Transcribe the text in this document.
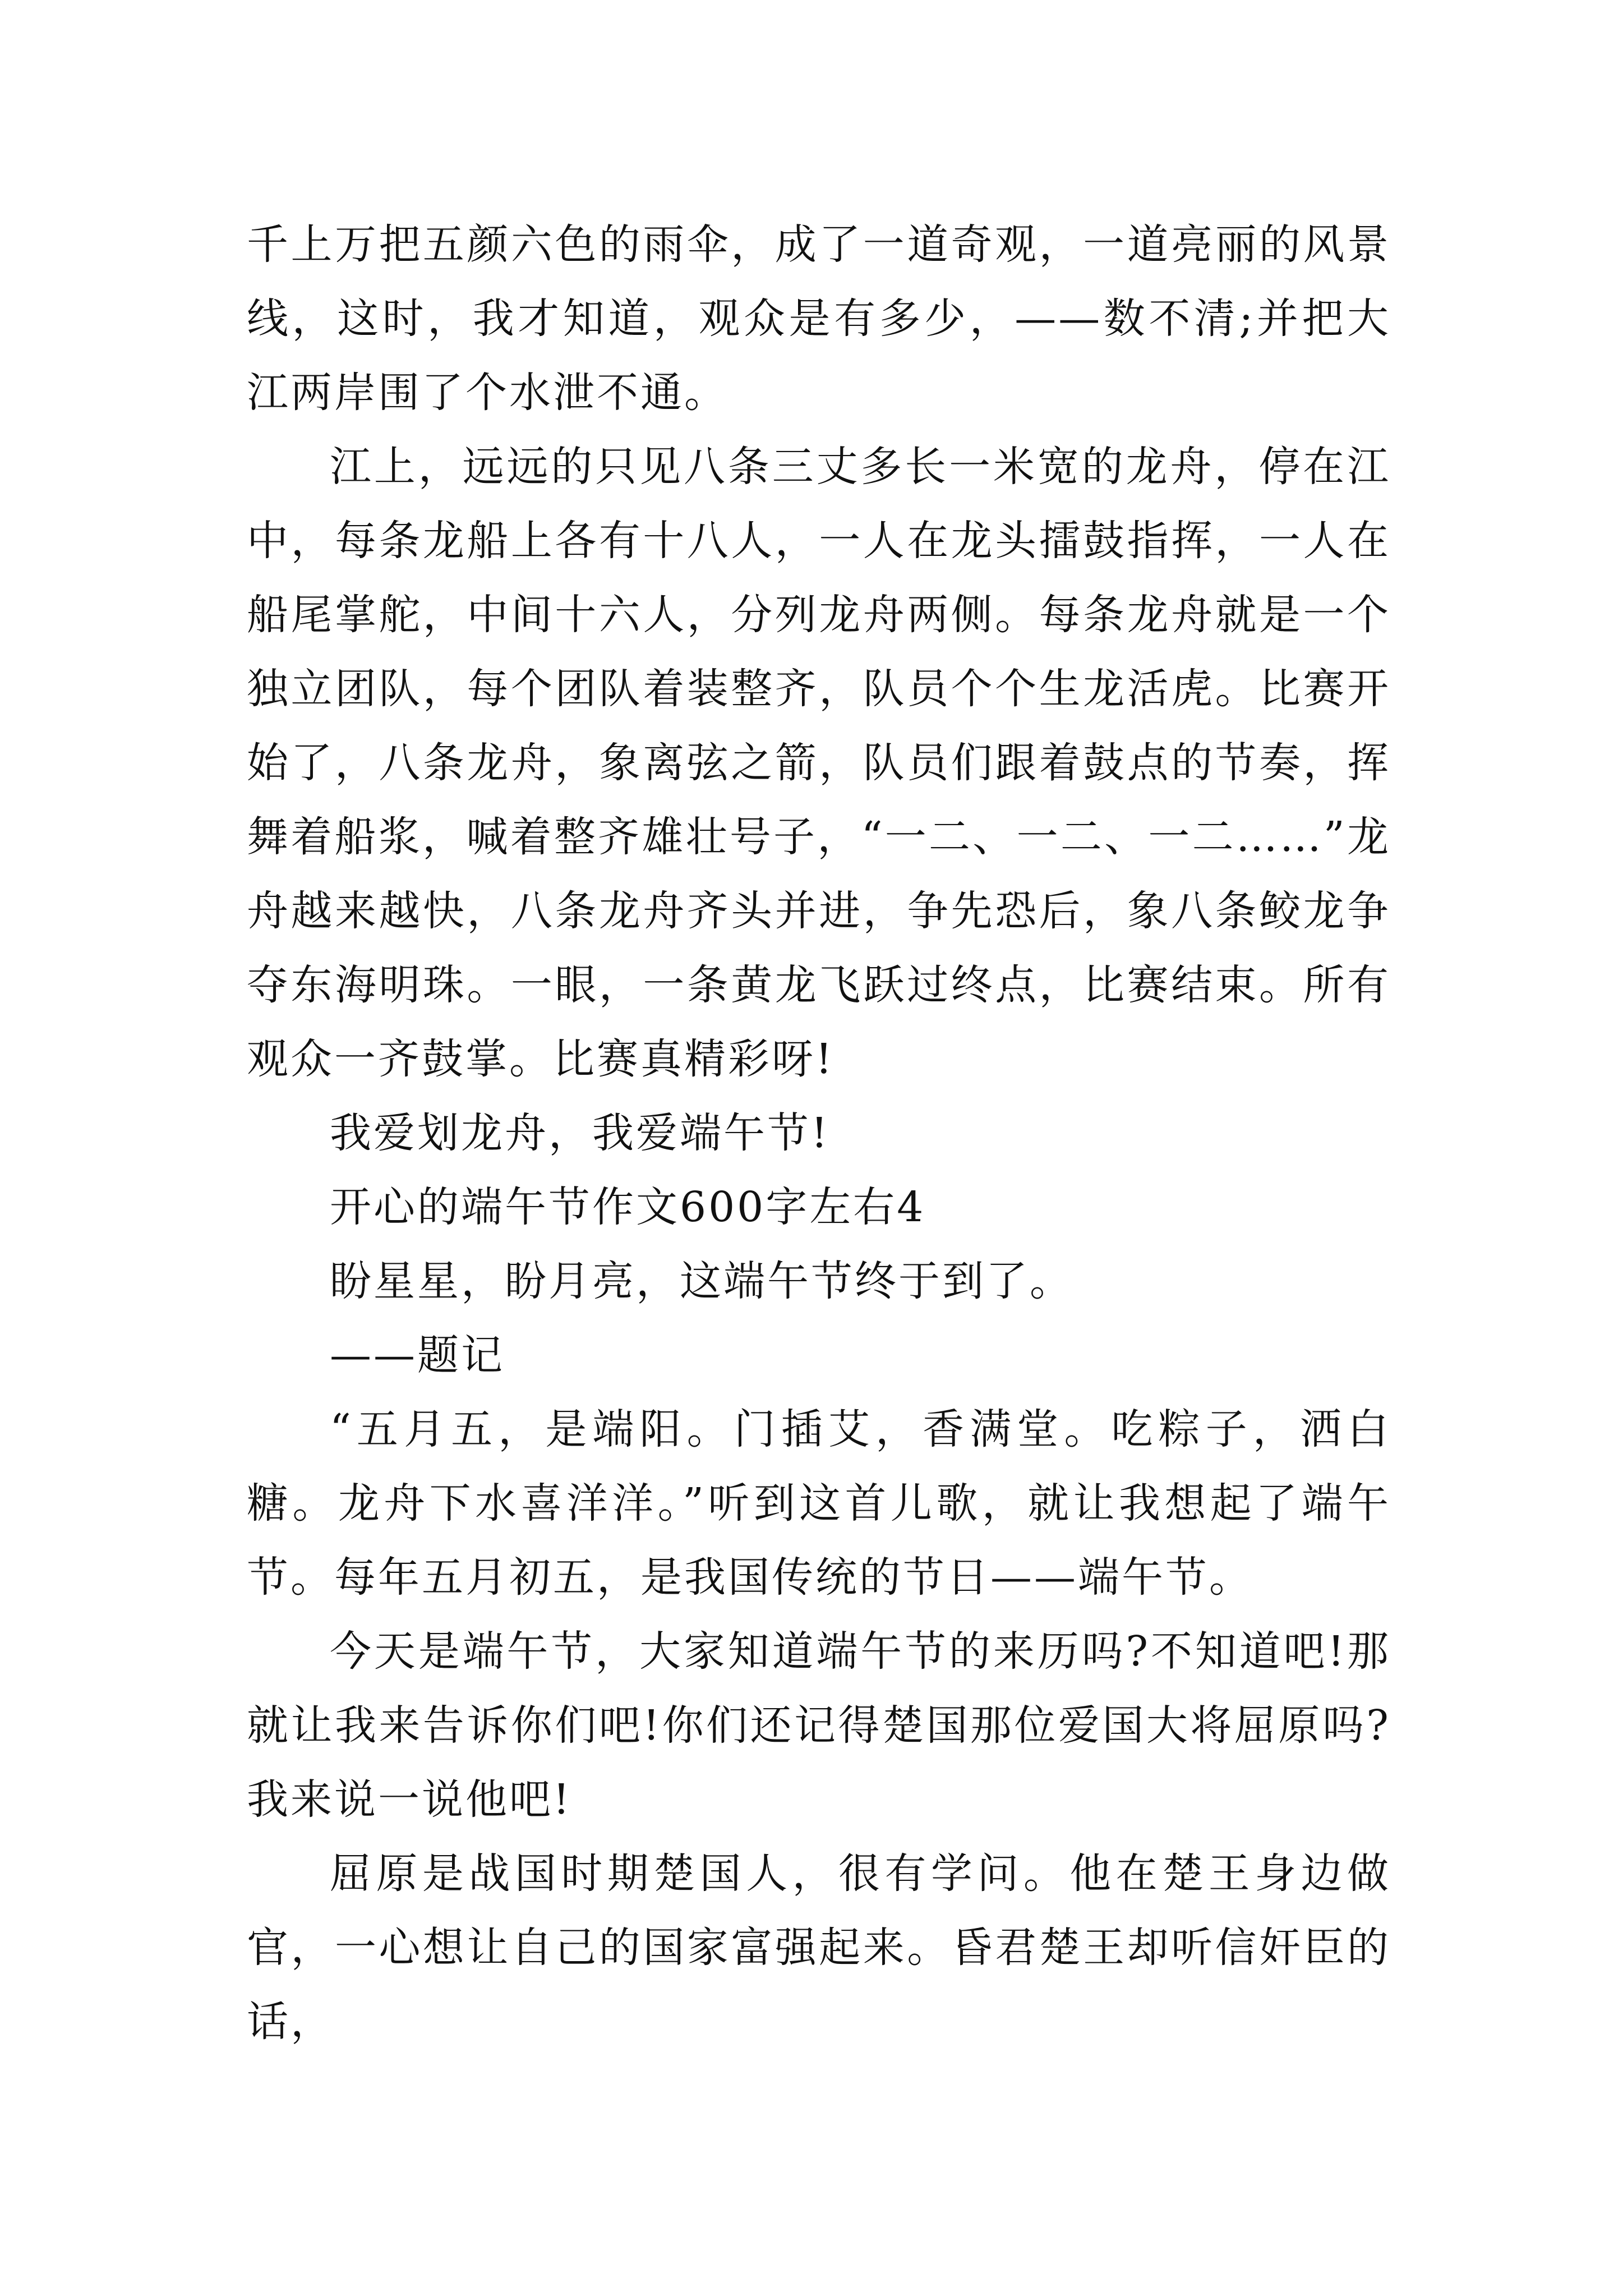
千上万把五颜六色的雨伞，成了一道奇观，一道亮丽的风景线，这时，我才知道，观众是有多少，——数不清;并把大江两岸围了个水泄不通。

江上，远远的只见八条三丈多长一米宽的龙舟，停在江中，每条龙船上各有十八人，一人在龙头擂鼓指挥，一人在船尾掌舵，中间十六人，分列龙舟两侧。每条龙舟就是一个独立团队，每个团队着装整齐，队员个个生龙活虎。比赛开始了，八条龙舟，象离弦之箭，队员们跟着鼓点的节奏，挥舞着船浆，喊着整齐雄壮号子，“一二、一二、一二……”龙舟越来越快，八条龙舟齐头并进，争先恐后，象八条鲛龙争夺东海明珠。一眼，一条黄龙飞跃过终点，比赛结束。所有观众一齐鼓掌。比赛真精彩呀!

我爱划龙舟，我爱端午节!

开心的端午节作文600字左右4

盼星星，盼月亮，这端午节终于到了。

——题记

“五月五，是端阳。门插艾，香满堂。吃粽子，洒白糖。龙舟下水喜洋洋。”听到这首儿歌，就让我想起了端午节。每年五月初五，是我国传统的节日——端午节。

今天是端午节，大家知道端午节的来历吗?不知道吧!那就让我来告诉你们吧!你们还记得楚国那位爱国大将屈原吗?我来说一说他吧!

屈原是战国时期楚国人，很有学问。他在楚王身边做官，一心想让自己的国家富强起来。昏君楚王却听信奸臣的话，
